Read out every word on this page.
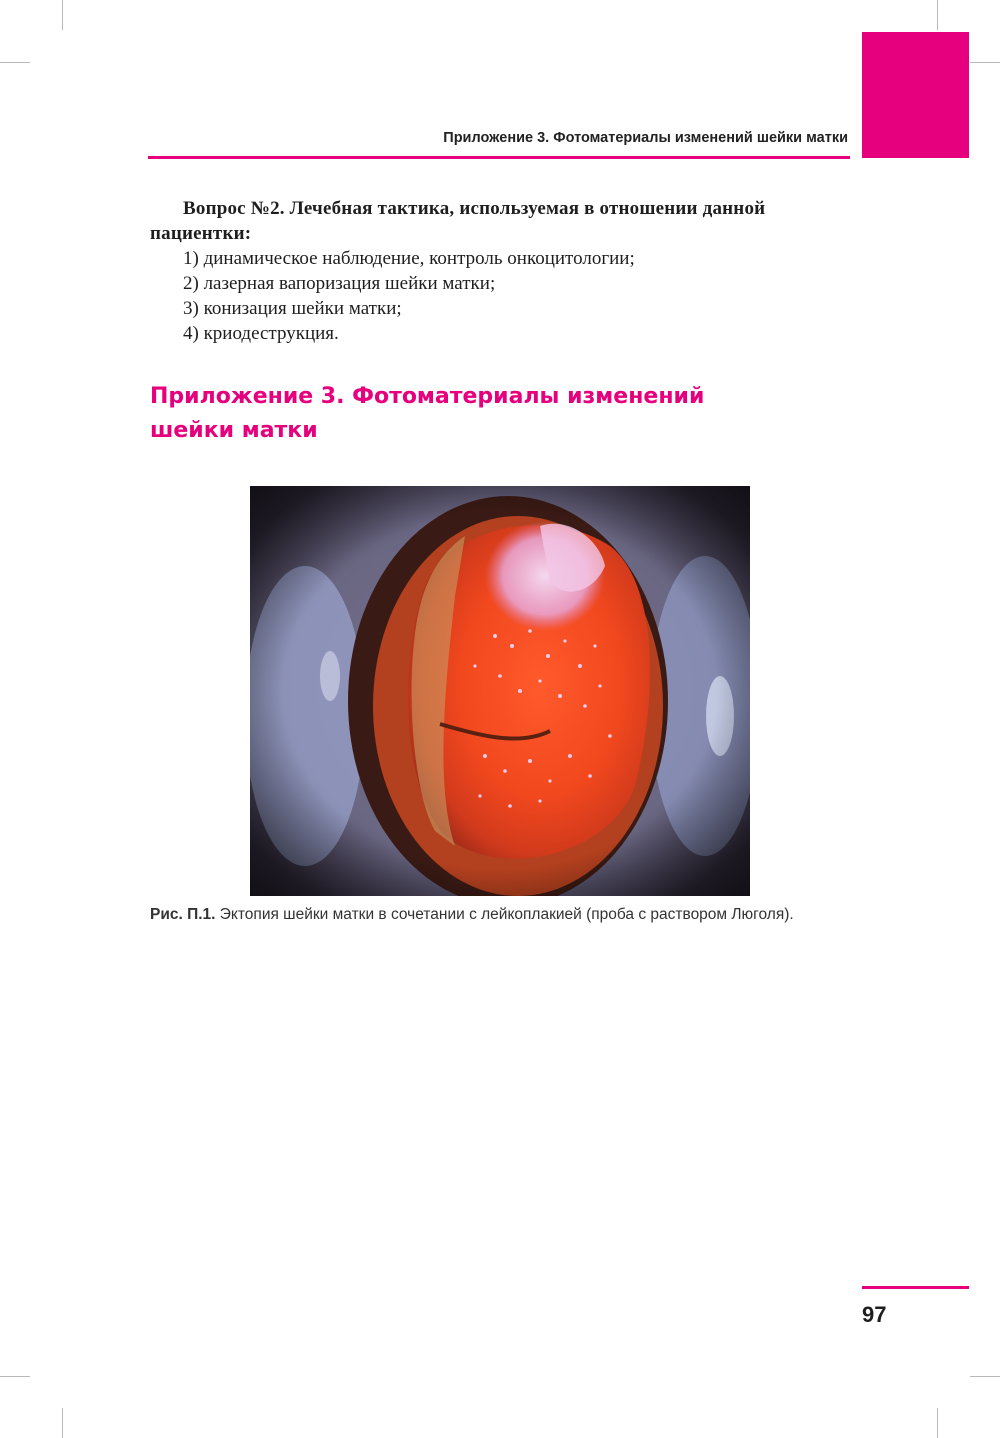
Приложение 3. Фотоматериалы изменений шейки матки

Вопрос №2. Лечебная тактика, используемая в отношении данной пациентки:

1) динамическое наблюдение, контроль онкоцитологии;

2) лазерная вапоризация шейки матки;

3) конизация шейки матки;

4) криодеструкция.

Приложение 3. Фотоматериалы изменений
шейки матки
Рис. П.1. Эктопия шейки матки в сочетании с лейкоплакией (проба с раствором Люголя).
97
